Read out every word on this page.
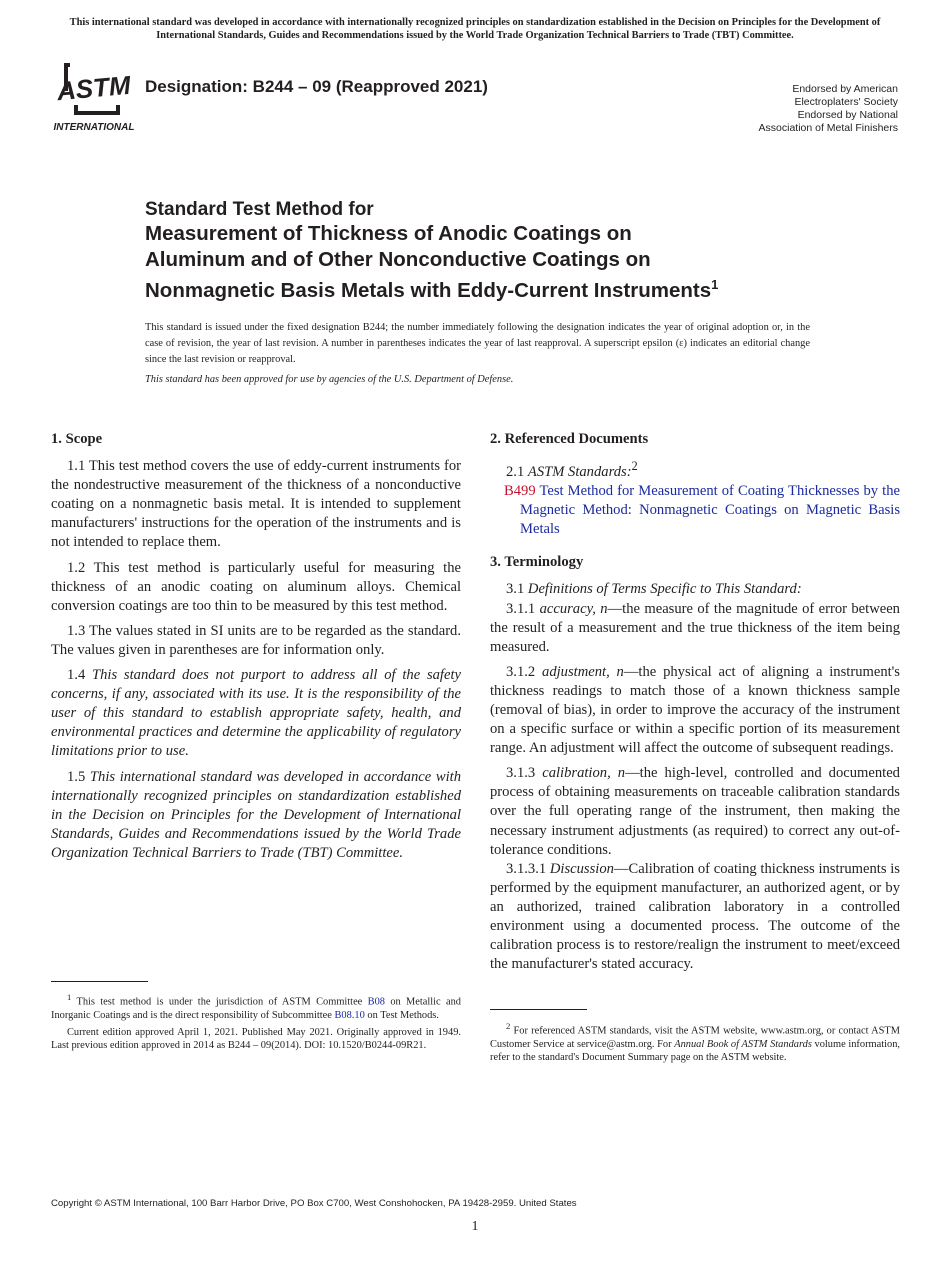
This international standard was developed in accordance with internationally recognized principles on standardization established in the Decision on Principles for the Development of International Standards, Guides and Recommendations issued by the World Trade Organization Technical Barriers to Trade (TBT) Committee.
ASTM
INTERNATIONAL
Designation: B244 – 09 (Reapproved 2021)	Endorsed by American
Electroplaters' Society
Endorsed by National
Association of Metal Finishers
Standard Test Method for
Measurement of Thickness of Anodic Coatings on
Aluminum and of Other Nonconductive Coatings on
Nonmagnetic Basis Metals with Eddy-Current Instruments$^1$
This standard is issued under the fixed designation B244; the number immediately following the designation indicates the year of original adoption or, in the case of revision, the year of last revision. A number in parentheses indicates the year of last reapproval. A superscript epsilon (ε) indicates an editorial change since the last revision or reapproval.
This standard has been approved for use by agencies of the U.S. Department of Defense.
1. Scope

1.1 This test method covers the use of eddy-current instruments for the nondestructive measurement of the thickness of a nonconductive coating on a nonmagnetic basis metal. It is intended to supplement manufacturers' instructions for the operation of the instruments and is not intended to replace them.

1.2 This test method is particularly useful for measuring the thickness of an anodic coating on aluminum alloys. Chemical conversion coatings are too thin to be measured by this test method.

1.3 The values stated in SI units are to be regarded as the standard. The values given in parentheses are for information only.

1.4 This standard does not purport to address all of the safety concerns, if any, associated with its use. It is the responsibility of the user of this standard to establish appropriate safety, health, and environmental practices and determine the applicability of regulatory limitations prior to use.

1.5 This international standard was developed in accordance with internationally recognized principles on standardization established in the Decision on Principles for the Development of International Standards, Guides and Recommendations issued by the World Trade Organization Technical Barriers to Trade (TBT) Committee.

2. Referenced Documents

2.1 ASTM Standards:$^2$

B499 Test Method for Measurement of Coating Thicknesses by the Magnetic Method: Nonmagnetic Coatings on Magnetic Basis Metals
3. Terminology

3.1 Definitions of Terms Specific to This Standard:

3.1.1 accuracy, n—the measure of the magnitude of error between the result of a measurement and the true thickness of the item being measured.

3.1.2 adjustment, n—the physical act of aligning a instrument's thickness readings to match those of a known thickness sample (removal of bias), in order to improve the accuracy of the instrument on a specific surface or within a specific portion of its measurement range. An adjustment will affect the outcome of subsequent readings.

3.1.3 calibration, n—the high-level, controlled and documented process of obtaining measurements on traceable calibration standards over the full operating range of the instrument, then making the necessary instrument adjustments (as required) to correct any out-of-tolerance conditions.

3.1.3.1 Discussion—Calibration of coating thickness instruments is performed by the equipment manufacturer, an authorized agent, or by an authorized, trained calibration laboratory in a controlled environment using a documented process. The outcome of the calibration process is to restore/realign the instrument to meet/exceed the manufacturer's stated accuracy.

$^1$ This test method is under the jurisdiction of ASTM Committee B08 on Metallic and Inorganic Coatings and is the direct responsibility of Subcommittee B08.10 on Test Methods.

Current edition approved April 1, 2021. Published May 2021. Originally approved in 1949. Last previous edition approved in 2014 as B244 – 09(2014). DOI: 10.1520/B0244-09R21.

$^2$ For referenced ASTM standards, visit the ASTM website, www.astm.org, or contact ASTM Customer Service at service@astm.org. For Annual Book of ASTM Standards volume information, refer to the standard's Document Summary page on the ASTM website.

Copyright © ASTM International, 100 Barr Harbor Drive, PO Box C700, West Conshohocken, PA 19428-2959. United States
1
